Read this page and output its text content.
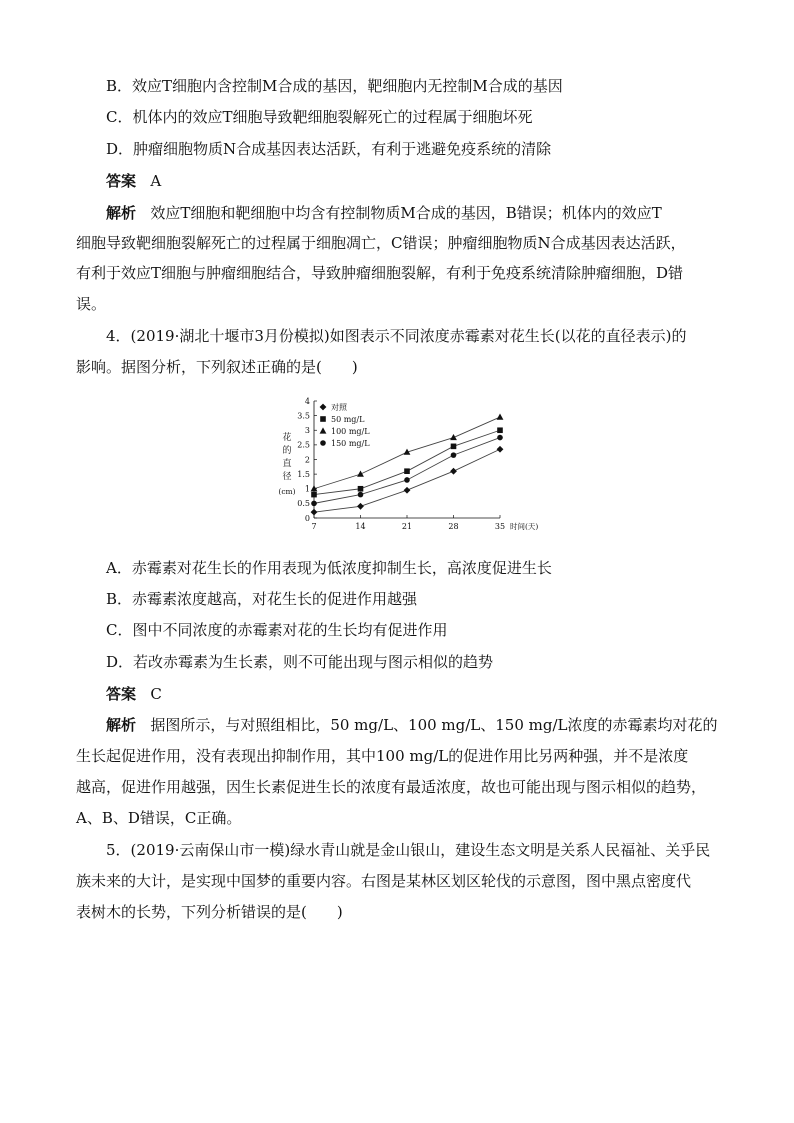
B．效应T细胞内含控制M合成的基因，靶细胞内无控制M合成的基因
C．机体内的效应T细胞导致靶细胞裂解死亡的过程属于细胞坏死
D．肿瘤细胞物质N合成基因表达活跃，有利于逃避免疫系统的清除
答案 A
解析 效应T细胞和靶细胞中均含有控制物质M合成的基因，B错误；机体内的效应T
细胞导致靶细胞裂解死亡的过程属于细胞凋亡，C错误；肿瘤细胞物质N合成基因表达活跃，
有利于效应T细胞与肿瘤细胞结合，导致肿瘤细胞裂解，有利于免疫系统清除肿瘤细胞，D错
误。
4．(2019·湖北十堰市3月份模拟)如图表示不同浓度赤霉素对花生长(以花的直径表示)的
影响。据图分析，下列叙述正确的是(　　)
花
的
直
径
(cm)
0
0.5
1
1.5
2
2.5
3
3.5
4
7	14	21	28	35 时间(天)
对照
50 mg/L
100 mg/L
150 mg/L
A．赤霉素对花生长的作用表现为低浓度抑制生长，高浓度促进生长
B．赤霉素浓度越高，对花生长的促进作用越强
C．图中不同浓度的赤霉素对花的生长均有促进作用
D．若改赤霉素为生长素，则不可能出现与图示相似的趋势
答案 C
解析 据图所示，与对照组相比，50 mg/L、100 mg/L、150 mg/L浓度的赤霉素均对花的
生长起促进作用，没有表现出抑制作用，其中100 mg/L的促进作用比另两种强，并不是浓度
越高，促进作用越强，因生长素促进生长的浓度有最适浓度，故也可能出现与图示相似的趋势，
A、B、D错误，C正确。
5．(2019·云南保山市一模)绿水青山就是金山银山，建设生态文明是关系人民福祉、关乎民
族未来的大计，是实现中国梦的重要内容。右图是某林区划区轮伐的示意图，图中黑点密度代
表树木的长势，下列分析错误的是(　　)
